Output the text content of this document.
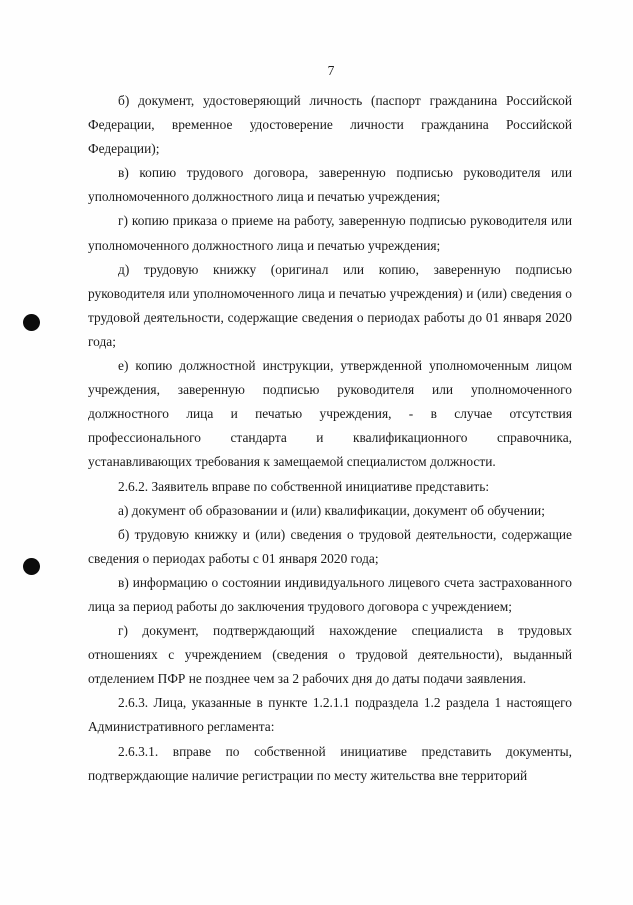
7

б) документ, удостоверяющий личность (паспорт гражданина Российской Федерации, временное удостоверение личности гражданина Российской Федерации);

в) копию трудового договора, заверенную подписью руководителя или уполномоченного должностного лица и печатью учреждения;

г) копию приказа о приеме на работу, заверенную подписью руководителя или уполномоченного должностного лица и печатью учреждения;

д) трудовую книжку (оригинал или копию, заверенную подписью руководителя или уполномоченного лица и печатью учреждения) и (или) сведения о трудовой деятельности, содержащие сведения о периодах работы до 01 января 2020 года;

е) копию должностной инструкции, утвержденной уполномоченным лицом учреждения, заверенную подписью руководителя или уполномоченного должностного лица и печатью учреждения, - в случае отсутствия профессионального стандарта и квалификационного справочника, устанавливающих требования к замещаемой специалистом должности.

2.6.2. Заявитель вправе по собственной инициативе представить:

а) документ об образовании и (или) квалификации, документ об обучении;

б) трудовую книжку и (или) сведения о трудовой деятельности, содержащие сведения о периодах работы с 01 января 2020 года;

в) информацию о состоянии индивидуального лицевого счета застрахованного лица за период работы до заключения трудового договора с учреждением;

г) документ, подтверждающий нахождение специалиста в трудовых отношениях с учреждением (сведения о трудовой деятельности), выданный отделением ПФР не позднее чем за 2 рабочих дня до даты подачи заявления.

2.6.3. Лица, указанные в пункте 1.2.1.1 подраздела 1.2 раздела 1 настоящего Административного регламента:

2.6.3.1. вправе по собственной инициативе представить документы, подтверждающие наличие регистрации по месту жительства вне территорий
